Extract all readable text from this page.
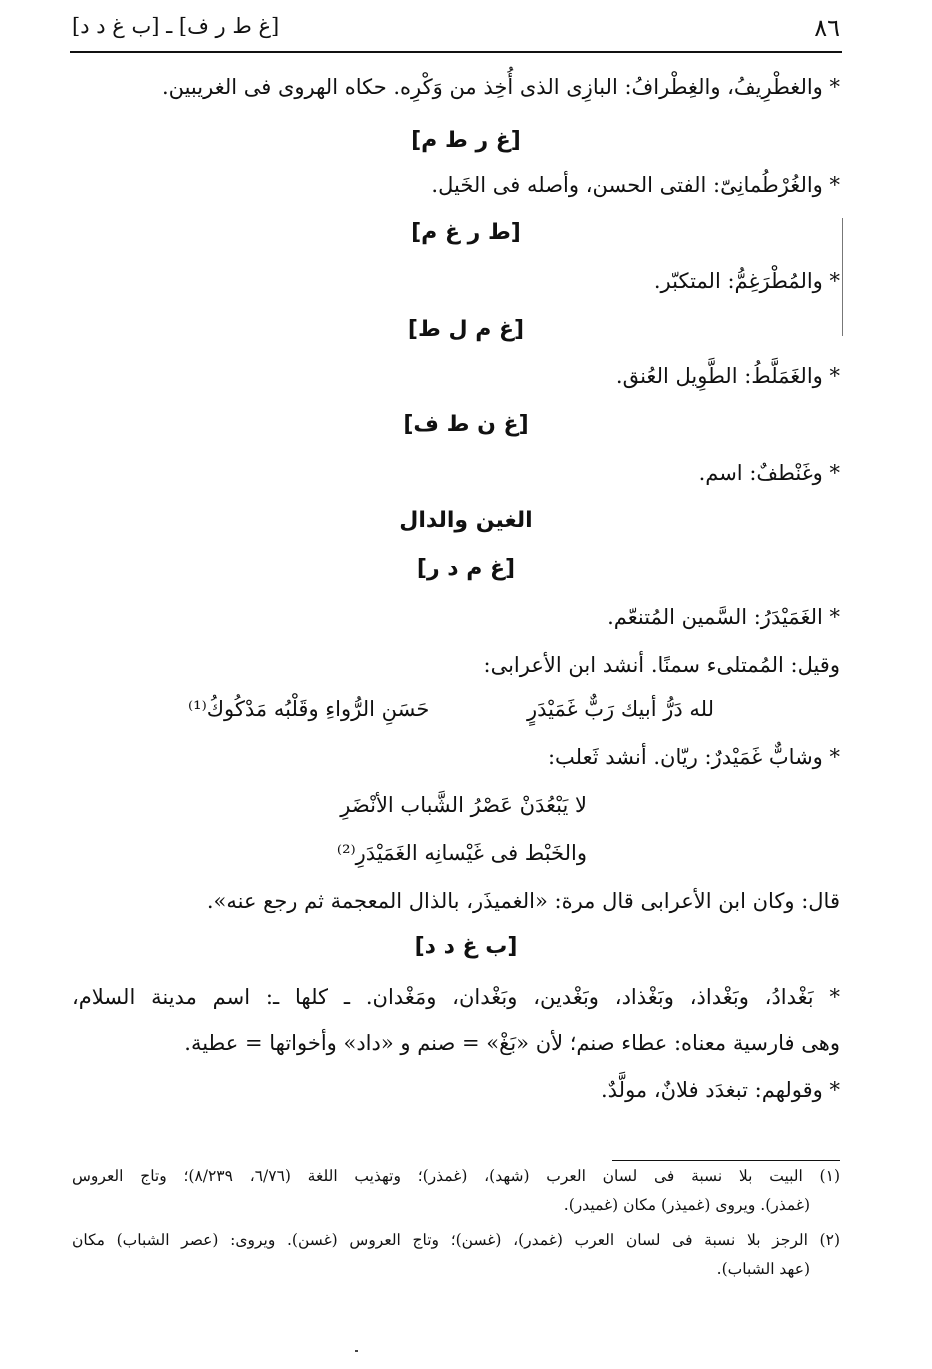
٨٦
[غ ط ر ف] ـ [ب غ د د]
* والغطْرِيفُ، والغِطْرافُ: البازِى الذى أُخِذ من وَكْرِه. حكاه الهروى فى الغريبين.
[غ ر ط م]
* والغُرْطُمانِىّ: الفتى الحسن، وأصله فى الخَيل.
[ط ر غ م]
* والمُطْرَغِمُّ: المتكبّر.
[غ م ل ط]
* والغَمَلَّطُ: الطَّوِيل العُنق.
[غ ن ط ف]
* وغَنْطفٌ: اسم.
الغين والدال
[غ م د ر]
* الغَمَيْدَرُ: السَّمين المُتنعّم.
وقيل: المُمتلىء سمنًا. أنشد ابن الأعرابى:
لله دَرُّ أبيك رَبٌّ غَمَيْدَرٍ
حَسَنِ الرُّواءِ وقَلْبُه مَدْكُوكُ⁽¹⁾
* وشابٌّ غَمَيْدرٌ: ريّان. أنشد ثَعلب:
لا يَبْعُدَنْ عَصْرُ الشَّباب الأنْضَرِ
والخَبْط فى غَيْسانِه الغَمَيْدَرِ⁽²⁾
قال: وكان ابن الأعرابى قال مرة: «الغميذَر، بالذال المعجمة ثم رجع عنه».
[ب غ د د]
* بَغْدادُ، وبَغْداذ، وبَغْذاد، وبَغْدين، وبَغْدان، ومَغْدان. ـ كلها ـ: اسم مدينة السلام،
وهى فارسية معناه: عطاء صنم؛ لأن «بَغْ» = صنم و «داد» وأخواتها = عطية.
* وقولهم: تبغدَد فلانٌ، مولَّدٌ.
(١) البيت بلا نسبة فى لسان العرب (شهد)، (غمذر)؛ وتهذيب اللغة (٦/٧٦، ٨/٢٣٩)؛ وتاج العروس
(غمذر). ويروى (غميذر) مكان (غميدر).
(٢) الرجز بلا نسبة فى لسان العرب (غمدر)، (غسن)؛ وتاج العروس (غسن). ويروى: (عصر الشباب) مكان
(عهد الشباب).
